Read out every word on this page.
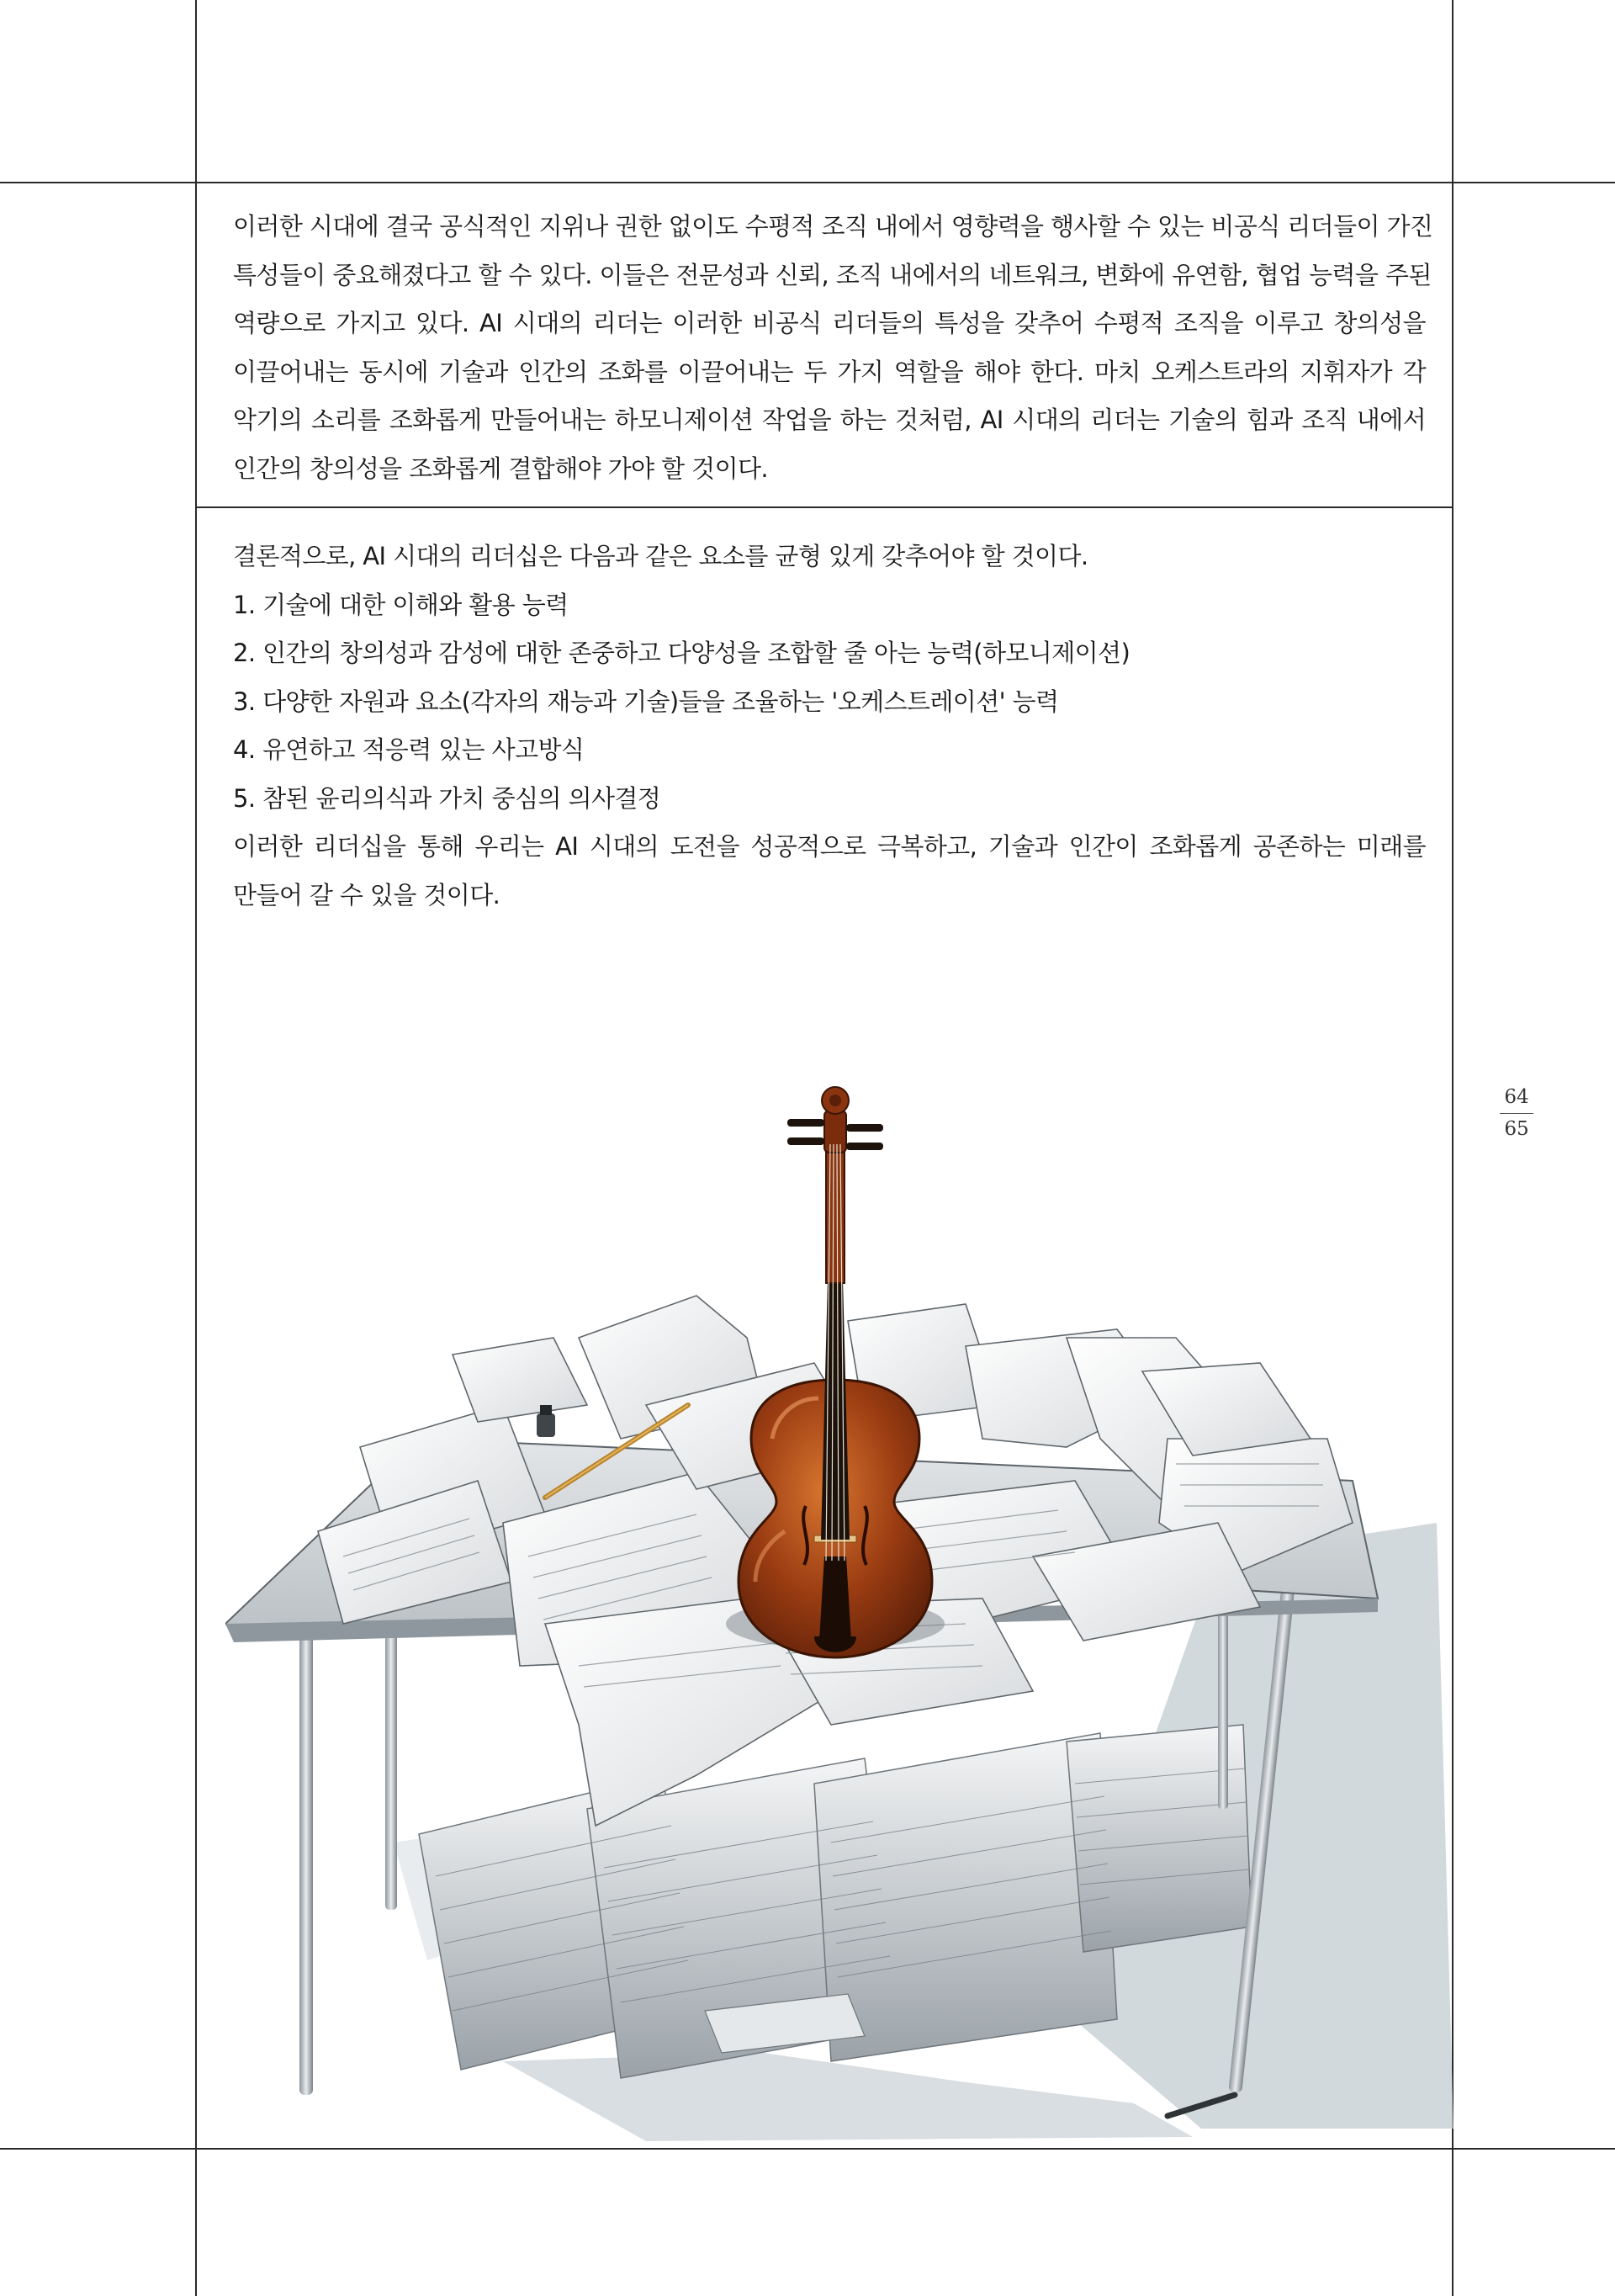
이러한 시대에 결국 공식적인 지위나 권한 없이도 수평적 조직 내에서 영향력을 행사할 수 있는 비공식 리더들이 가진
특성들이 중요해졌다고 할 수 있다. 이들은 전문성과 신뢰, 조직 내에서의 네트워크, 변화에 유연함, 협업 능력을 주된
역량으로 가지고 있다. AI 시대의 리더는 이러한 비공식 리더들의 특성을 갖추어 수평적 조직을 이루고 창의성을
이끌어내는 동시에 기술과 인간의 조화를 이끌어내는 두 가지 역할을 해야 한다. 마치 오케스트라의 지휘자가 각
악기의 소리를 조화롭게 만들어내는 하모니제이션 작업을 하는 것처럼, AI 시대의 리더는 기술의 힘과 조직 내에서
인간의 창의성을 조화롭게 결합해야 가야 할 것이다.
결론적으로, AI 시대의 리더십은 다음과 같은 요소를 균형 있게 갖추어야 할 것이다.
1. 기술에 대한 이해와 활용 능력
2. 인간의 창의성과 감성에 대한 존중하고 다양성을 조합할 줄 아는 능력(하모니제이션)
3. 다양한 자원과 요소(각자의 재능과 기술)들을 조율하는 '오케스트레이션' 능력
4. 유연하고 적응력 있는 사고방식
5. 참된 윤리의식과 가치 중심의 의사결정
이러한 리더십을 통해 우리는 AI 시대의 도전을 성공적으로 극복하고, 기술과 인간이 조화롭게 공존하는 미래를
만들어 갈 수 있을 것이다.
64
65
